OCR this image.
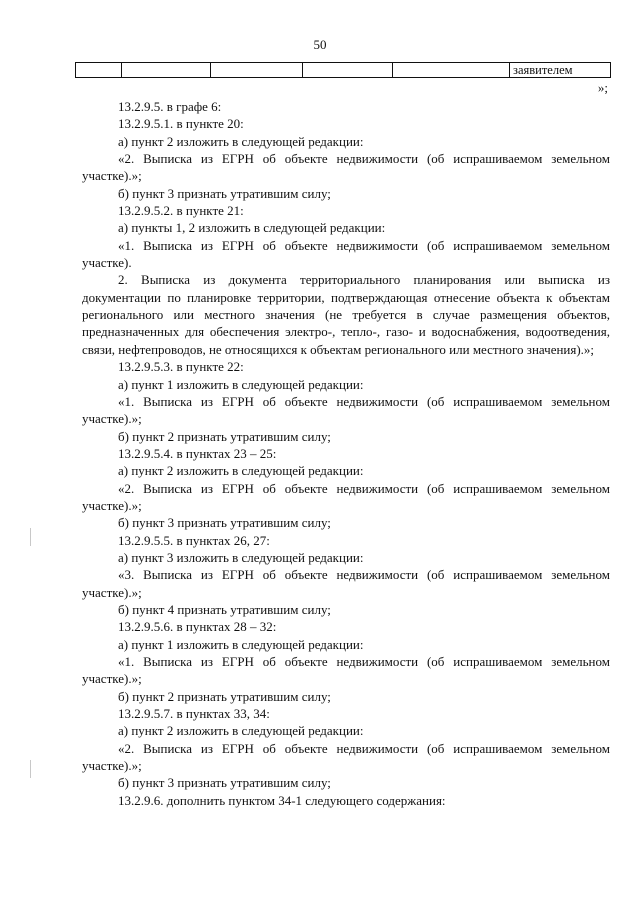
50
					заявителем
»;

13.2.9.5. в графе 6:

13.2.9.5.1. в пункте 20:

а) пункт 2 изложить в следующей редакции:

«2. Выписка из ЕГРН об объекте недвижимости (об испрашиваемом земельном участке).»;

б) пункт 3 признать утратившим силу;

13.2.9.5.2. в пункте 21:

а) пункты 1, 2 изложить в следующей редакции:

«1. Выписка из ЕГРН об объекте недвижимости (об испрашиваемом земельном участке).

2. Выписка из документа территориального планирования или выписка из документации по планировке территории, подтверждающая отнесение объекта к объектам регионального или местного значения (не требуется в случае размещения объектов, предназначенных для обеспечения электро-, тепло-, газо- и водоснабжения, водоотведения, связи, нефтепроводов, не относящихся к объектам регионального или местного значения).»;

13.2.9.5.3. в пункте 22:

а) пункт 1 изложить в следующей редакции:

«1. Выписка из ЕГРН об объекте недвижимости (об испрашиваемом земельном участке).»;

б) пункт 2 признать утратившим силу;

13.2.9.5.4. в пунктах 23 – 25:

а) пункт 2 изложить в следующей редакции:

«2. Выписка из ЕГРН об объекте недвижимости (об испрашиваемом земельном участке).»;

б) пункт 3 признать утратившим силу;

13.2.9.5.5. в пунктах 26, 27:

а) пункт 3 изложить в следующей редакции:

«3. Выписка из ЕГРН об объекте недвижимости (об испрашиваемом земельном участке).»;

б) пункт 4 признать утратившим силу;

13.2.9.5.6. в пунктах 28 – 32:

а) пункт 1 изложить в следующей редакции:

«1. Выписка из ЕГРН об объекте недвижимости (об испрашиваемом земельном участке).»;

б) пункт 2 признать утратившим силу;

13.2.9.5.7. в пунктах 33, 34:

а) пункт 2 изложить в следующей редакции:

«2. Выписка из ЕГРН об объекте недвижимости (об испрашиваемом земельном участке).»;

б) пункт 3 признать утратившим силу;

13.2.9.6. дополнить пунктом 34-1 следующего содержания:
